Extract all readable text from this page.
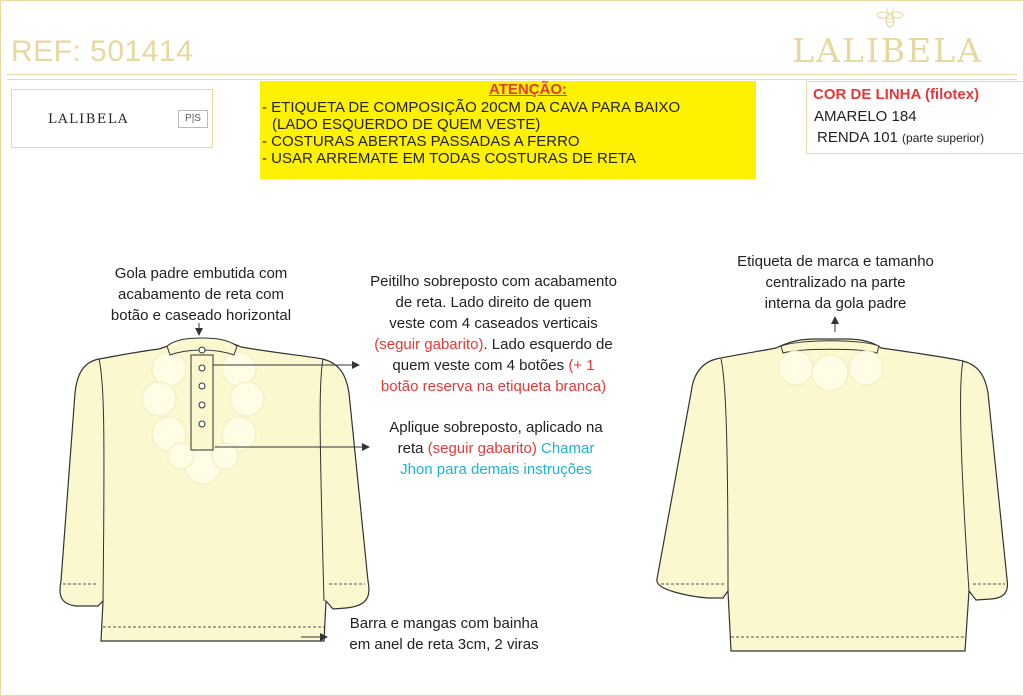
REF: 501414	LALIBELA
LALIBELA	P|S
ATENÇÃO:
- ETIQUETA DE COMPOSIÇÃO 20CM DA CAVA PARA BAIXO
(LADO ESQUERDO DE QUEM VESTE)
- COSTURAS ABERTAS PASSADAS A FERRO
- USAR ARREMATE EM TODAS COSTURAS DE RETA
COR DE LINHA (filotex)
AMARELO 184
RENDA 101 (parte superior)
Gola padre embutida com
acabamento de reta com
botão e caseado horizontal
Peitilho sobreposto com acabamento
de reta. Lado direito de quem
veste com 4 caseados verticais
(seguir gabarito). Lado esquerdo de
quem veste com 4 botões (+ 1
botão reserva na etiqueta branca)
Aplique sobreposto, aplicado na
reta (seguir gabarito) Chamar
Jhon para demais instruções
Barra e mangas com bainha
em anel de reta 3cm, 2 viras
Etiqueta de marca e tamanho
centralizado na parte
interna da gola padre
